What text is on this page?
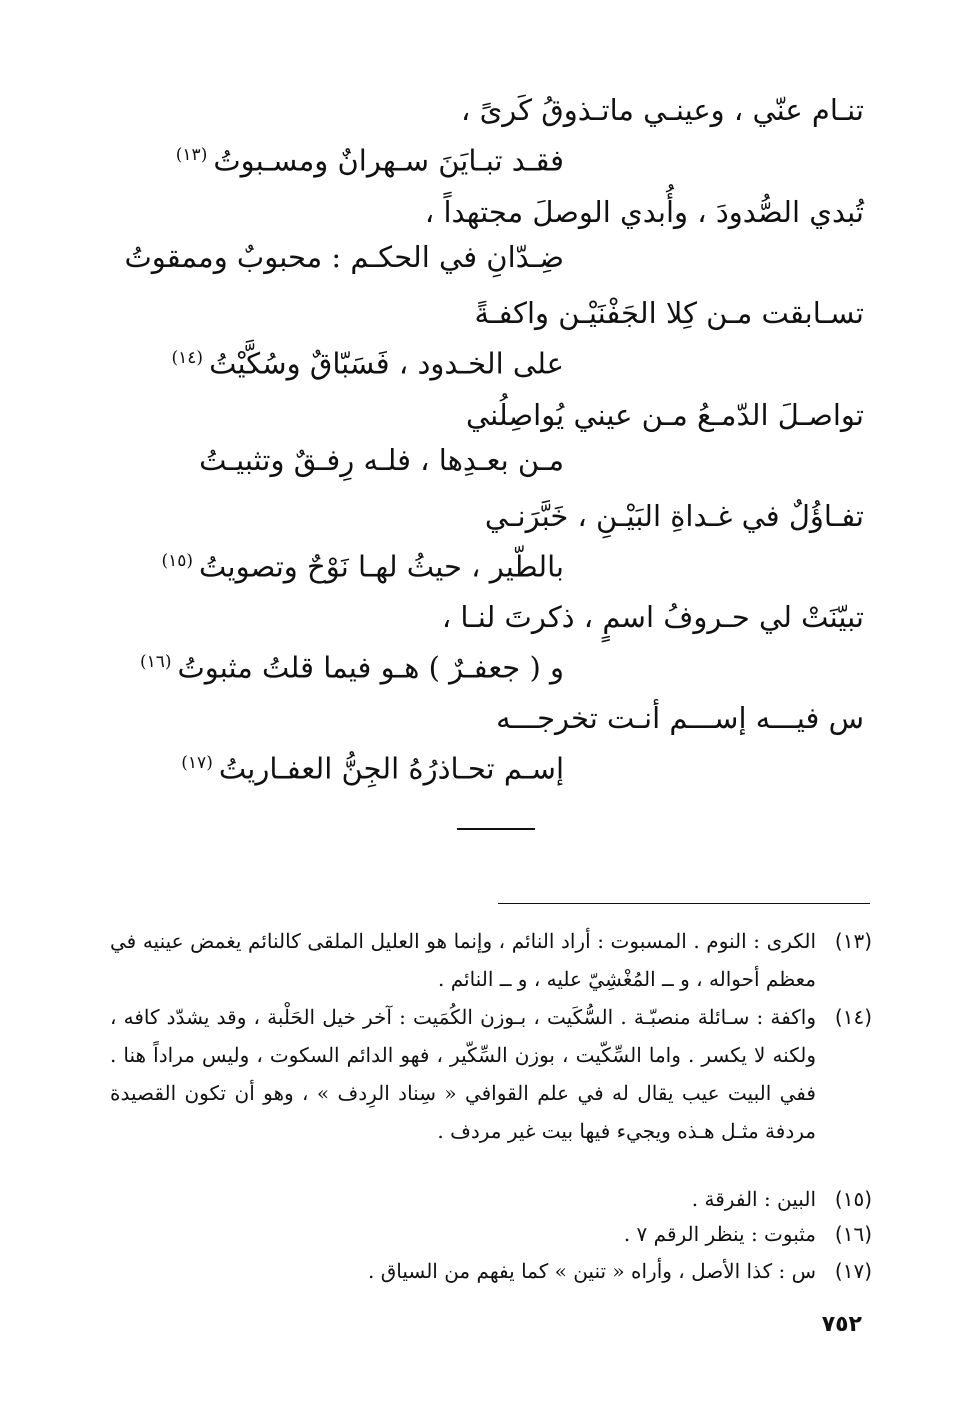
تنـام عنّي ، وعينـي ماتـذوقُ كَرىً ،

فقـد تبـايَنَ سـهرانٌ ومسـبوتُ$^{(١٣)}$

تُبدي الصُّدودَ ، وأُبدي الوصلَ مجتهداً ،

ضِـدّانِ في الحكـم : محبوبٌ وممقوتُ

تسـابقت مـن كِلا الجَفْنَيْـن واكفـةً

على الخـدود ، فَسَبّاقٌ وسُكَّيْتُ$^{(١٤)}$

تواصـلَ الدّمـعُ مـن عيني يُواصِلُني

مـن بعـدِها ، فلـه رِفـقٌ وتثبيـتُ

تفـاؤُلٌ في غـداةِ البَيْـنِ ، خَبَّرَنـي

بالطّير ، حيثُ لهـا نَوْحٌ وتصويتُ$^{(١٥)}$

تبيّنَتْ لي حـروفُ اسمٍ ، ذكرتَ لنـا ،

و ( جعفـرٌ ) هـو فيما قلتُ مثبوتُ$^{(١٦)}$

س فيـــه إســـم أنـت تخرجـــه

إسـم تحـاذرُهُ الجِنُّ العفـاريتُ$^{(١٧)}$

(١٣)
الكرى : النوم . المسبوت : أراد النائم ، وإنما هو العليل الملقى كالنائم يغمض عينيه في معظم أحواله ، و ــ المُغْشِيّ عليه ، و ــ النائم .
(١٤)
واكفة : سـائلة منصبّـة . السُّكَيت ، بـوزن الكُمَيت : آخر خيل الحَلْبة ، وقد يشدّد كافه ، ولكنه لا يكسر . واما السِّكّيت ، بوزن السِّكّير ، فهو الدائم السكوت ، وليس مراداً هنا . ففي البيت عيب يقال له في علم القوافي « سِناد الرِدف » ، وهو أن تكون القصيدة مردفة مثـل هـذه ويجيء فيها بيت غير مردف .
(١٥)
البين : الفرقة .
(١٦)
مثبوت : ينظر الرقم ٧ .
(١٧)
س : كذا الأصل ، وأراه « تنين » كما يفهم من السياق .
٧٥٢
